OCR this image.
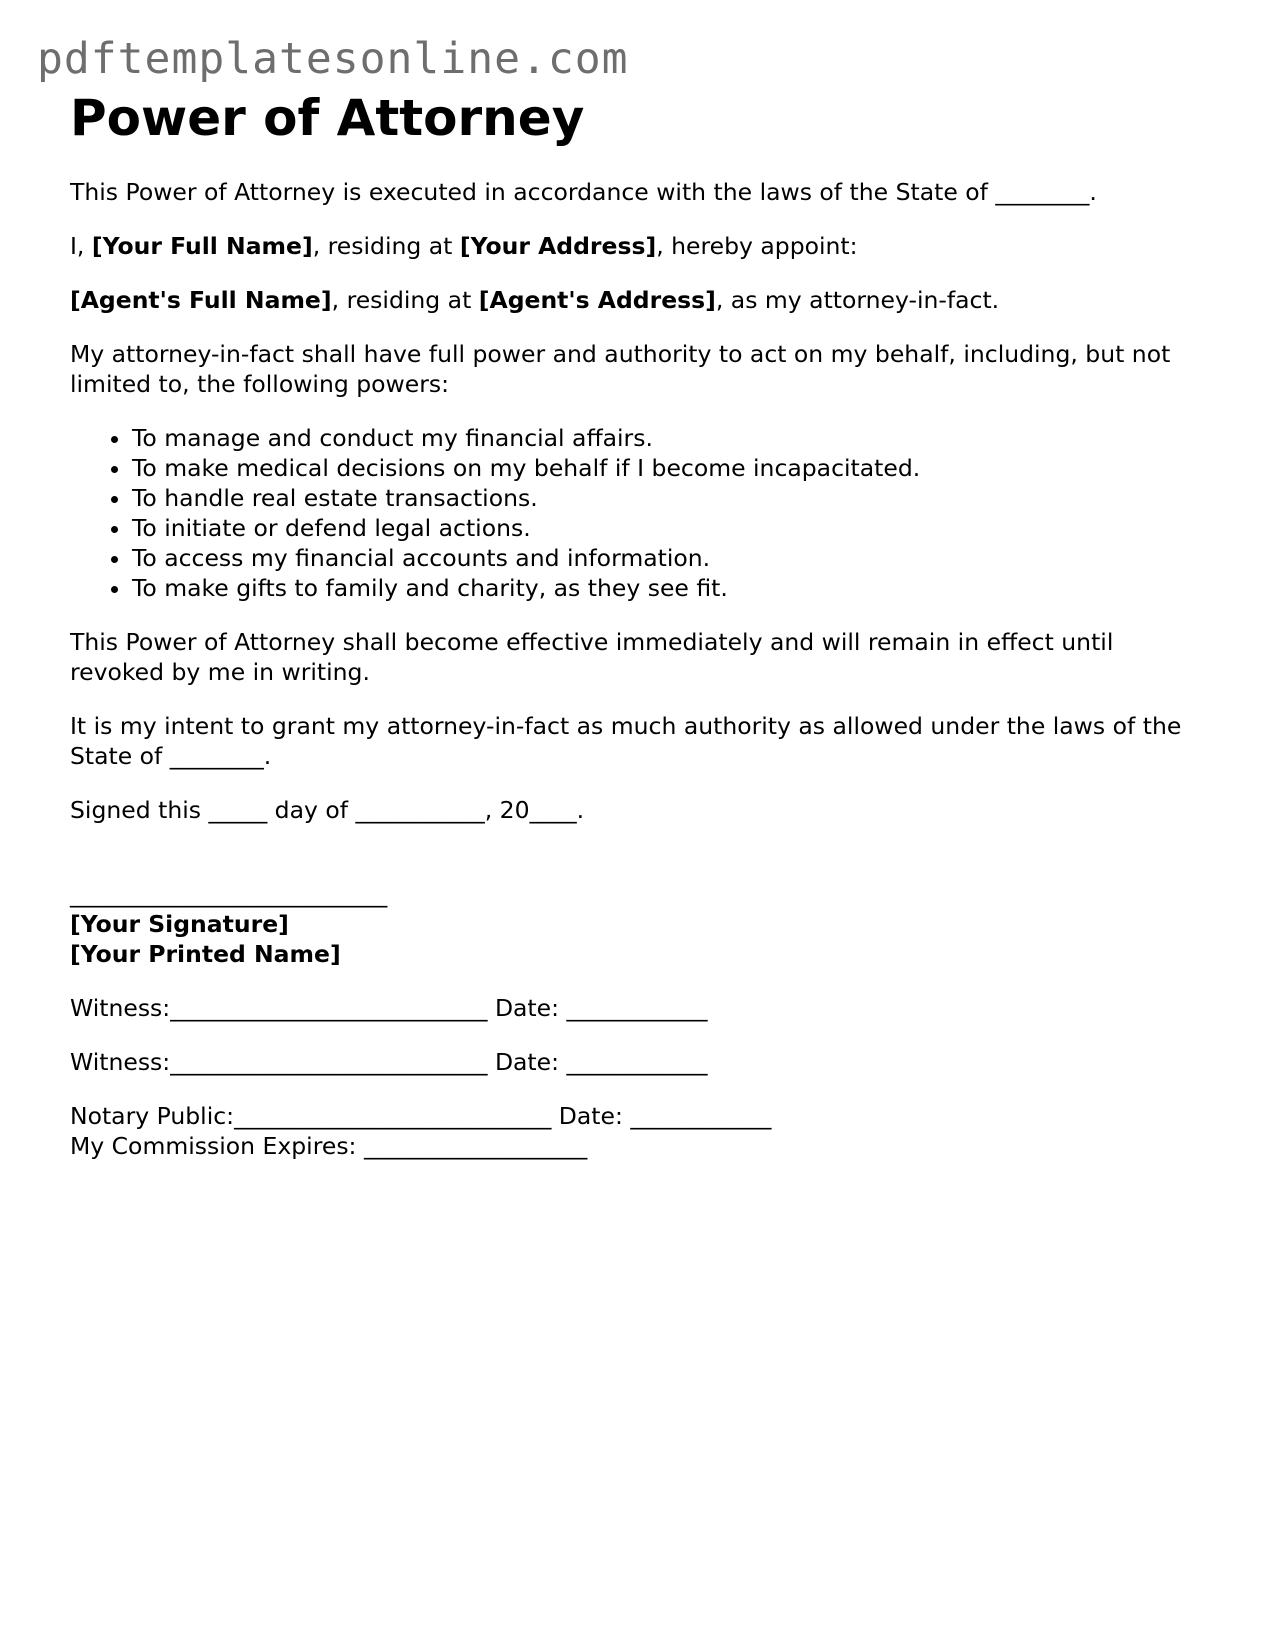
pdftemplatesonline.com
Power of Attorney

This Power of Attorney is executed in accordance with the laws of the State of ________.

I, [Your Full Name], residing at [Your Address], hereby appoint:

[Agent's Full Name], residing at [Agent's Address], as my attorney-in-fact.

My attorney-in-fact shall have full power and authority to act on my behalf, including, but not limited to, the following powers:

• To manage and conduct my financial affairs.
• To make medical decisions on my behalf if I become incapacitated.
• To handle real estate transactions.
• To initiate or defend legal actions.
• To access my financial accounts and information.
• To make gifts to family and charity, as they see fit.

This Power of Attorney shall become effective immediately and will remain in effect until revoked by me in writing.

It is my intent to grant my attorney-in-fact as much authority as allowed under the laws of the State of ________.

Signed this _____ day of ___________, 20____.

___________________________
[Your Signature]

[Your Printed Name]

Witness:___________________________ Date: ____________

Witness:___________________________ Date: ____________

Notary Public:___________________________ Date: ____________
My Commission Expires: ___________________
